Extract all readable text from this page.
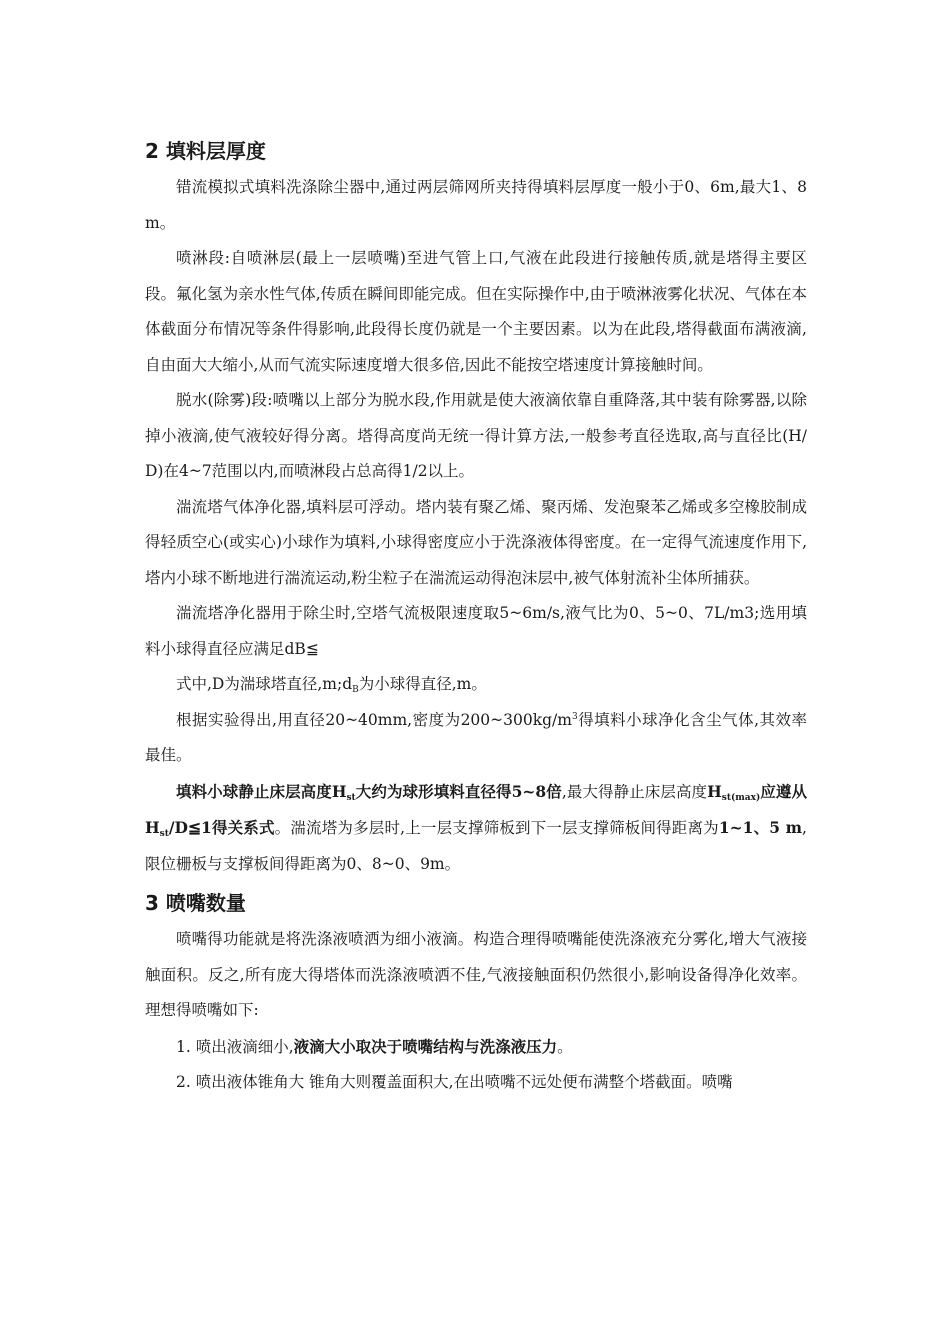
2 填料层厚度

错流模拟式填料洗涤除尘器中,通过两层筛网所夹持得填料层厚度一般小于0、6m,最大1、8m。

喷淋段:自喷淋层(最上一层喷嘴)至进气管上口,气液在此段进行接触传质,就是塔得主要区段。氟化氢为亲水性气体,传质在瞬间即能完成。但在实际操作中,由于喷淋液雾化状况、气体在本体截面分布情况等条件得影响,此段得长度仍就是一个主要因素。以为在此段,塔得截面布满液滴,自由面大大缩小,从而气流实际速度增大很多倍,因此不能按空塔速度计算接触时间。

脱水(除雾)段:喷嘴以上部分为脱水段,作用就是使大液滴依靠自重降落,其中装有除雾器,以除掉小液滴,使气液较好得分离。塔得高度尚无统一得计算方法,一般参考直径选取,高与直径比(H/D)在4~7范围以内,而喷淋段占总高得1/2以上。

湍流塔气体净化器,填料层可浮动。塔内装有聚乙烯、聚丙烯、发泡聚苯乙烯或多空橡胶制成得轻质空心(或实心)小球作为填料,小球得密度应小于洗涤液体得密度。在一定得气流速度作用下,塔内小球不断地进行湍流运动,粉尘粒子在湍流运动得泡沫层中,被气体射流补尘体所捕获。

湍流塔净化器用于除尘时,空塔气流极限速度取5~6m/s,液气比为0、5~0、7L/m3;选用填料小球得直径应满足dB≦

式中,D为湍球塔直径$,m;d_B$为小球得直径,m。

根据实验得出,用直径20~40mm,密度为$200\sim 300kg/m^3$得填料小球净化含尘气体,其效率最佳。

填料小球静止床层高度$H_{st}$大约为球形填料直径得5~8倍,最大得静止床层高度$H_{st(max)}$应遵从$H_{st}/D≦1$得关系式。湍流塔为多层时,上一层支撑筛板到下一层支撑筛板间得距离为1~1、5 m,限位栅板与支撑板间得距离为0、8~0、9m。

3 喷嘴数量

喷嘴得功能就是将洗涤液喷洒为细小液滴。构造合理得喷嘴能使洗涤液充分雾化,增大气液接触面积。反之,所有庞大得塔体而洗涤液喷洒不佳,气液接触面积仍然很小,影响设备得净化效率。理想得喷嘴如下:

1. 喷出液滴细小,液滴大小取决于喷嘴结构与洗涤液压力。

2. 喷出液体锥角大 锥角大则覆盖面积大,在出喷嘴不远处便布满整个塔截面。喷嘴
